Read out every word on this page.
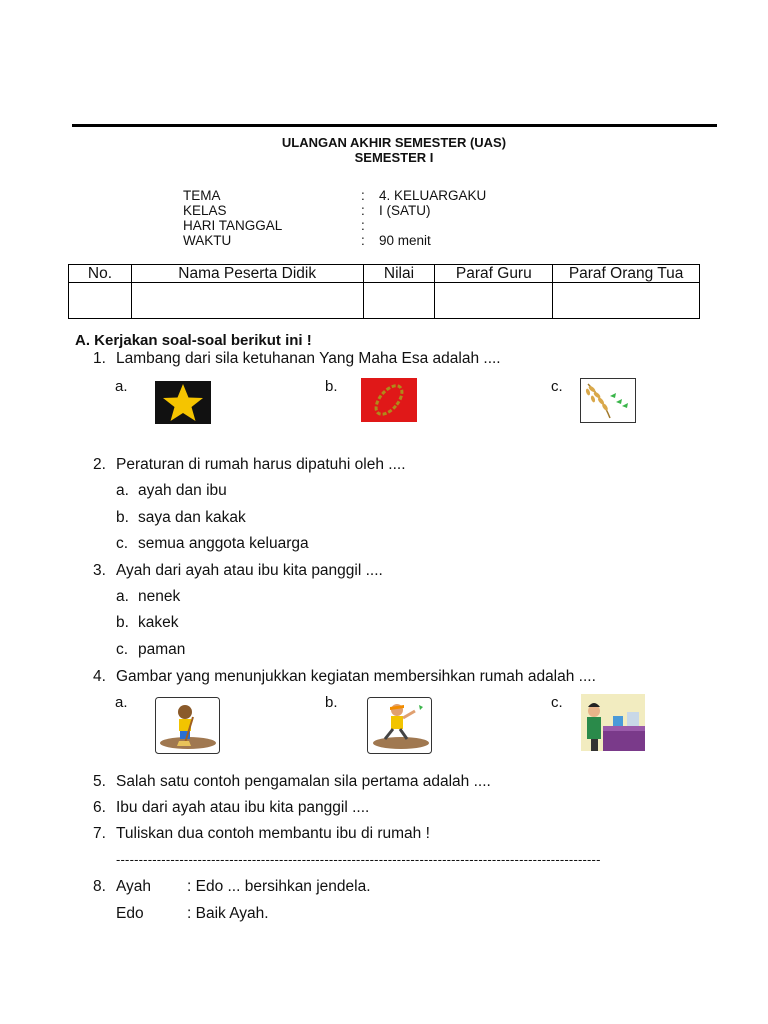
ULANGAN AKHIR SEMESTER (UAS)
SEMESTER I
TEMA	: 4. KELUARGAKU
KELAS	: I (SATU)
HARI TANGGAL	:
WAKTU	: 90 menit
No.	Nama Peserta Didik	Nilai	Paraf Guru	Paraf Orang Tua

A. Kerjakan soal-soal berikut ini !
1. Lambang dari sila ketuhanan Yang Maha Esa adalah ....
a.	b.	c.
2. Peraturan di rumah harus dipatuhi oleh ....
a. ayah dan ibu
b. saya dan kakak
c. semua anggota keluarga
3. Ayah dari ayah atau ibu kita panggil ....
a. nenek
b. kakek
c. paman
4. Gambar yang menunjukkan kegiatan membersihkan rumah adalah ....
a.	b.	c.
5. Salah satu contoh pengamalan sila pertama adalah ....
6. Ibu dari ayah atau ibu kita panggil ....
7. Tuliskan dua contoh membantu ibu di rumah !
-----------------------------------------------------------------------------------------------------------
8. Ayah : Edo ... bersihkan jendela.
Edo	: Baik Ayah.
